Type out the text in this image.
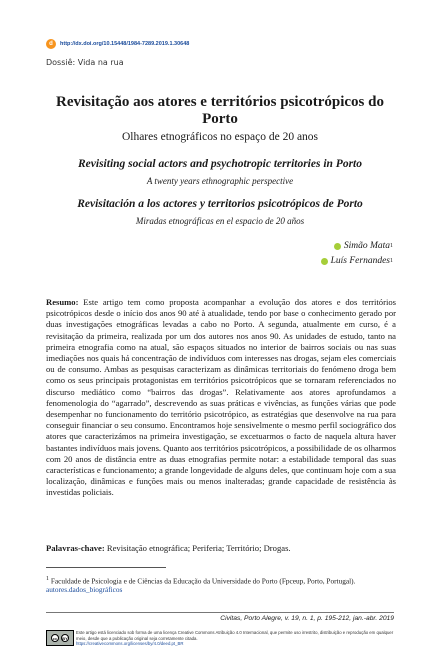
d	http://dx.doi.org/10.15448/1984-7289.2019.1.30648
Dossiê: Vida na rua
Revisitação aos atores e territórios psicotrópicos do Porto
Olhares etnográficos no espaço de 20 anos
Revisiting social actors and psychotropic territories in Porto
A twenty years ethnographic perspective
Revisitación a los actores y territorios psicotrópicos de Porto
Miradas etnográficas en el espacio de 20 años
Simão Mata 1
Luís Fernandes 1
Resumo: Este artigo tem como proposta acompanhar a evolução dos atores e dos territórios psicotrópicos desde o início dos anos 90 até à atualidade, tendo por base o conhecimento gerado por duas investigações etnográficas levadas a cabo no Porto. A segunda, atualmente em curso, é a revisitação da primeira, realizada por um dos autores nos anos 90. As unidades de estudo, tanto na primeira etnografia como na atual, são espaços situados no interior de bairros sociais ou nas suas imediações nos quais há concentração de indivíduos com interesses nas drogas, sejam eles comerciais ou de consumo. Ambas as pesquisas caracterizam as dinâmicas territoriais do fenómeno droga bem como os seus principais protagonistas em territórios psicotrópicos que se tornaram referenciados no discurso mediático como “bairros das drogas”. Relativamente aos atores aprofundamos a fenomenologia do “agarrado”, descrevendo as suas práticas e vivências, as funções várias que pode desempenhar no funcionamento do território psicotrópico, as estratégias que desenvolve na rua para conseguir financiar o seu consumo. Encontramos hoje sensivelmente o mesmo perfil sociográfico dos atores que caracterizámos na primeira investigação, se excetuarmos o facto de naquela altura haver bastantes indivíduos mais jovens. Quanto aos territórios psicotrópicos, a possibilidade de os olharmos com 20 anos de distância entre as duas etnografias permite notar: a estabilidade temporal das suas características e funcionamento; a grande longevidade de alguns deles, que continuam hoje com a sua localização, dinâmicas e funções mais ou menos inalteradas; grande capacidade de resistência às investidas policiais.
Palavras-chave: Revisitação etnográfica; Periferia; Território; Drogas.
$^1$ Faculdade de Psicologia e de Ciências da Educação da Universidade do Porto (Fpceup, Porto, Portugal).
autores.dados_biográficos
Civitas, Porto Alegre, v. 19, n. 1, p. 195-212, jan.-abr. 2019
cc	BY
Este artigo está licenciado sob forma de uma licença Creative Commons Atribuição 4.0 Internacional, que permite uso irrestrito, distribuição e reprodução em qualquer meio, desde que a publicação original seja corretamente citada.
https://creativecommons.org/licenses/by/4.0/deed.pt_BR
